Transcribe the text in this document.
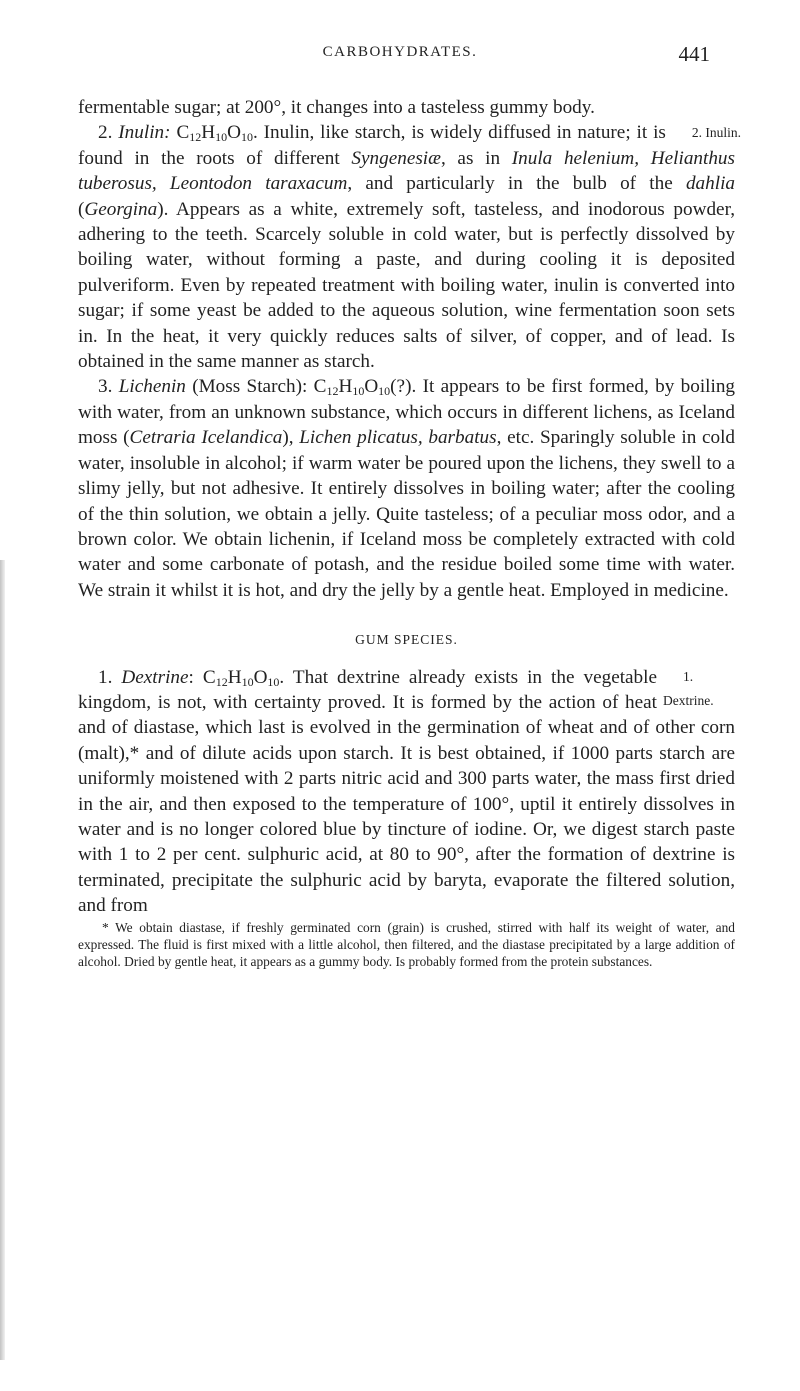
CARBOHYDRATES.	441

fermentable sugar; at 200°, it changes into a tasteless gummy body.

2. Inulin.
2. Inulin: $C_{12}H_{10}O_{10}$. Inulin, like starch, is widely diffused in nature; it is found in the roots of different Syngenesiæ, as in Inula helenium, Helianthus tuberosus, Leontodon taraxacum, and particularly in the bulb of the dahlia (Georgina). Appears as a white, extremely soft, tasteless, and inodorous powder, adhering to the teeth. Scarcely soluble in cold water, but is perfectly dissolved by boiling water, without forming a paste, and during cooling it is deposited pulveriform. Even by repeated treatment with boiling water, inulin is converted into sugar; if some yeast be added to the aqueous solution, wine fermentation soon sets in. In the heat, it very quickly reduces salts of silver, of copper, and of lead. Is obtained in the same manner as starch.

3. Lichenin (Moss Starch): $C_{12}H_{10}O_{10}(?)$. It appears to be first formed, by boiling with water, from an unknown substance, which occurs in different lichens, as Iceland moss (Cetraria Icelandica), Lichen plicatus, barbatus, etc. Sparingly soluble in cold water, insoluble in alcohol; if warm water be poured upon the lichens, they swell to a slimy jelly, but not adhesive. It entirely dissolves in boiling water; after the cooling of the thin solution, we obtain a jelly. Quite tasteless; of a peculiar moss odor, and a brown color. We obtain lichenin, if Iceland moss be completely extracted with cold water and some carbonate of potash, and the residue boiled some time with water. We strain it whilst it is hot, and dry the jelly by a gentle heat. Employed in medicine.

GUM SPECIES.

1. Dextrine.
1. Dextrine: $C_{12}H_{10}O_{10}$. That dextrine already exists in the vegetable kingdom, is not, with certainty proved. It is formed by the action of heat and of diastase, which last is evolved in the germination of wheat and of other corn (malt),* and of dilute acids upon starch. It is best obtained, if 1000 parts starch are uniformly moistened with 2 parts nitric acid and 300 parts water, the mass first dried in the air, and then exposed to the temperature of 100°, uptil it entirely dissolves in water and is no longer colored blue by tincture of iodine. Or, we digest starch paste with 1 to 2 per cent. sulphuric acid, at 80 to 90°, after the formation of dextrine is terminated, precipitate the sulphuric acid by baryta, evaporate the filtered solution, and from

* We obtain diastase, if freshly germinated corn (grain) is crushed, stirred with half its weight of water, and expressed. The fluid is first mixed with a little alcohol, then filtered, and the diastase precipitated by a large addition of alcohol. Dried by gentle heat, it appears as a gummy body. Is probably formed from the protein substances.
